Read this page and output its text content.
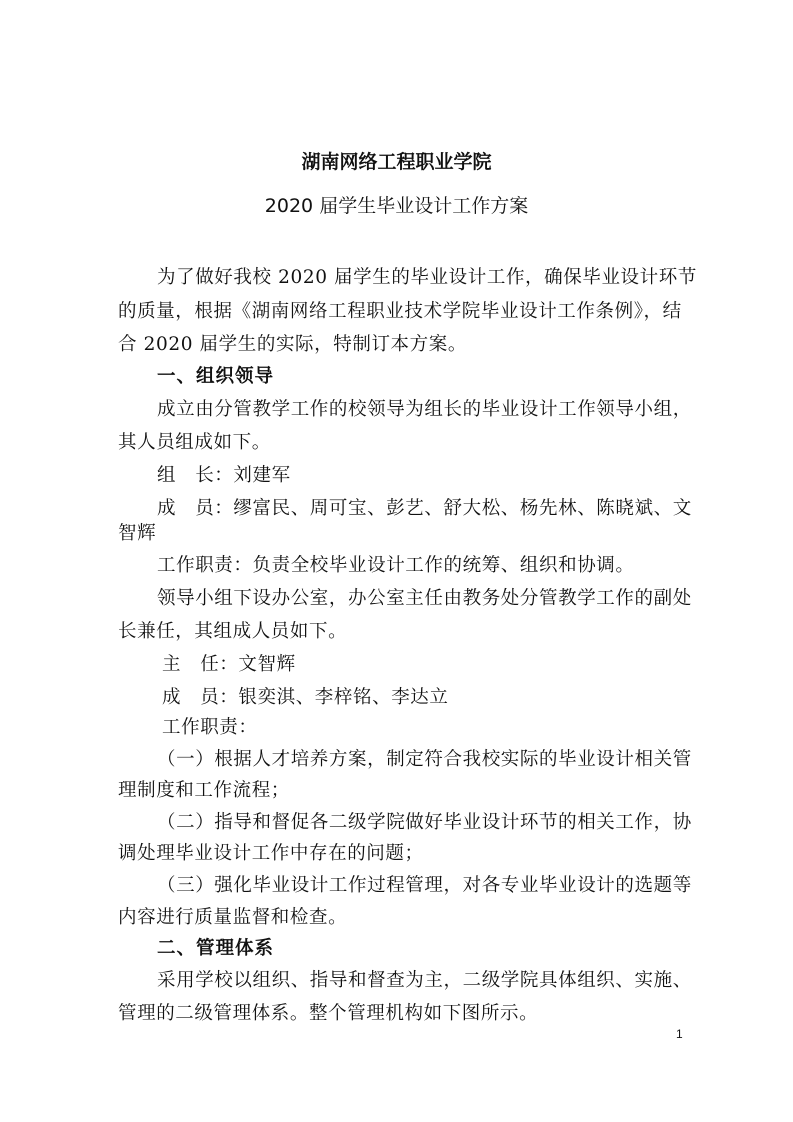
湖南网络工程职业学院
2020 届学生毕业设计工作方案
为了做好我校 2020 届学生的毕业设计工作，确保毕业设计环节
的质量，根据《湖南网络工程职业技术学院毕业设计工作条例》，结
合 2020 届学生的实际，特制订本方案。
一、组织领导
成立由分管教学工作的校领导为组长的毕业设计工作领导小组，
其人员组成如下。
组　长：刘建军
成　员：缪富民、周可宝、彭艺、舒大松、杨先林、陈晓斌、文
智辉
工作职责：负责全校毕业设计工作的统筹、组织和协调。
领导小组下设办公室，办公室主任由教务处分管教学工作的副处
长兼任，其组成人员如下。
主　任：文智辉
成　员：银奕淇、李梓铭、李达立
工作职责：
（一）根据人才培养方案，制定符合我校实际的毕业设计相关管
理制度和工作流程；
（二）指导和督促各二级学院做好毕业设计环节的相关工作，协
调处理毕业设计工作中存在的问题；
（三）强化毕业设计工作过程管理，对各专业毕业设计的选题等
内容进行质量监督和检查。
二、管理体系
采用学校以组织、指导和督查为主，二级学院具体组织、实施、
管理的二级管理体系。整个管理机构如下图所示。
1
